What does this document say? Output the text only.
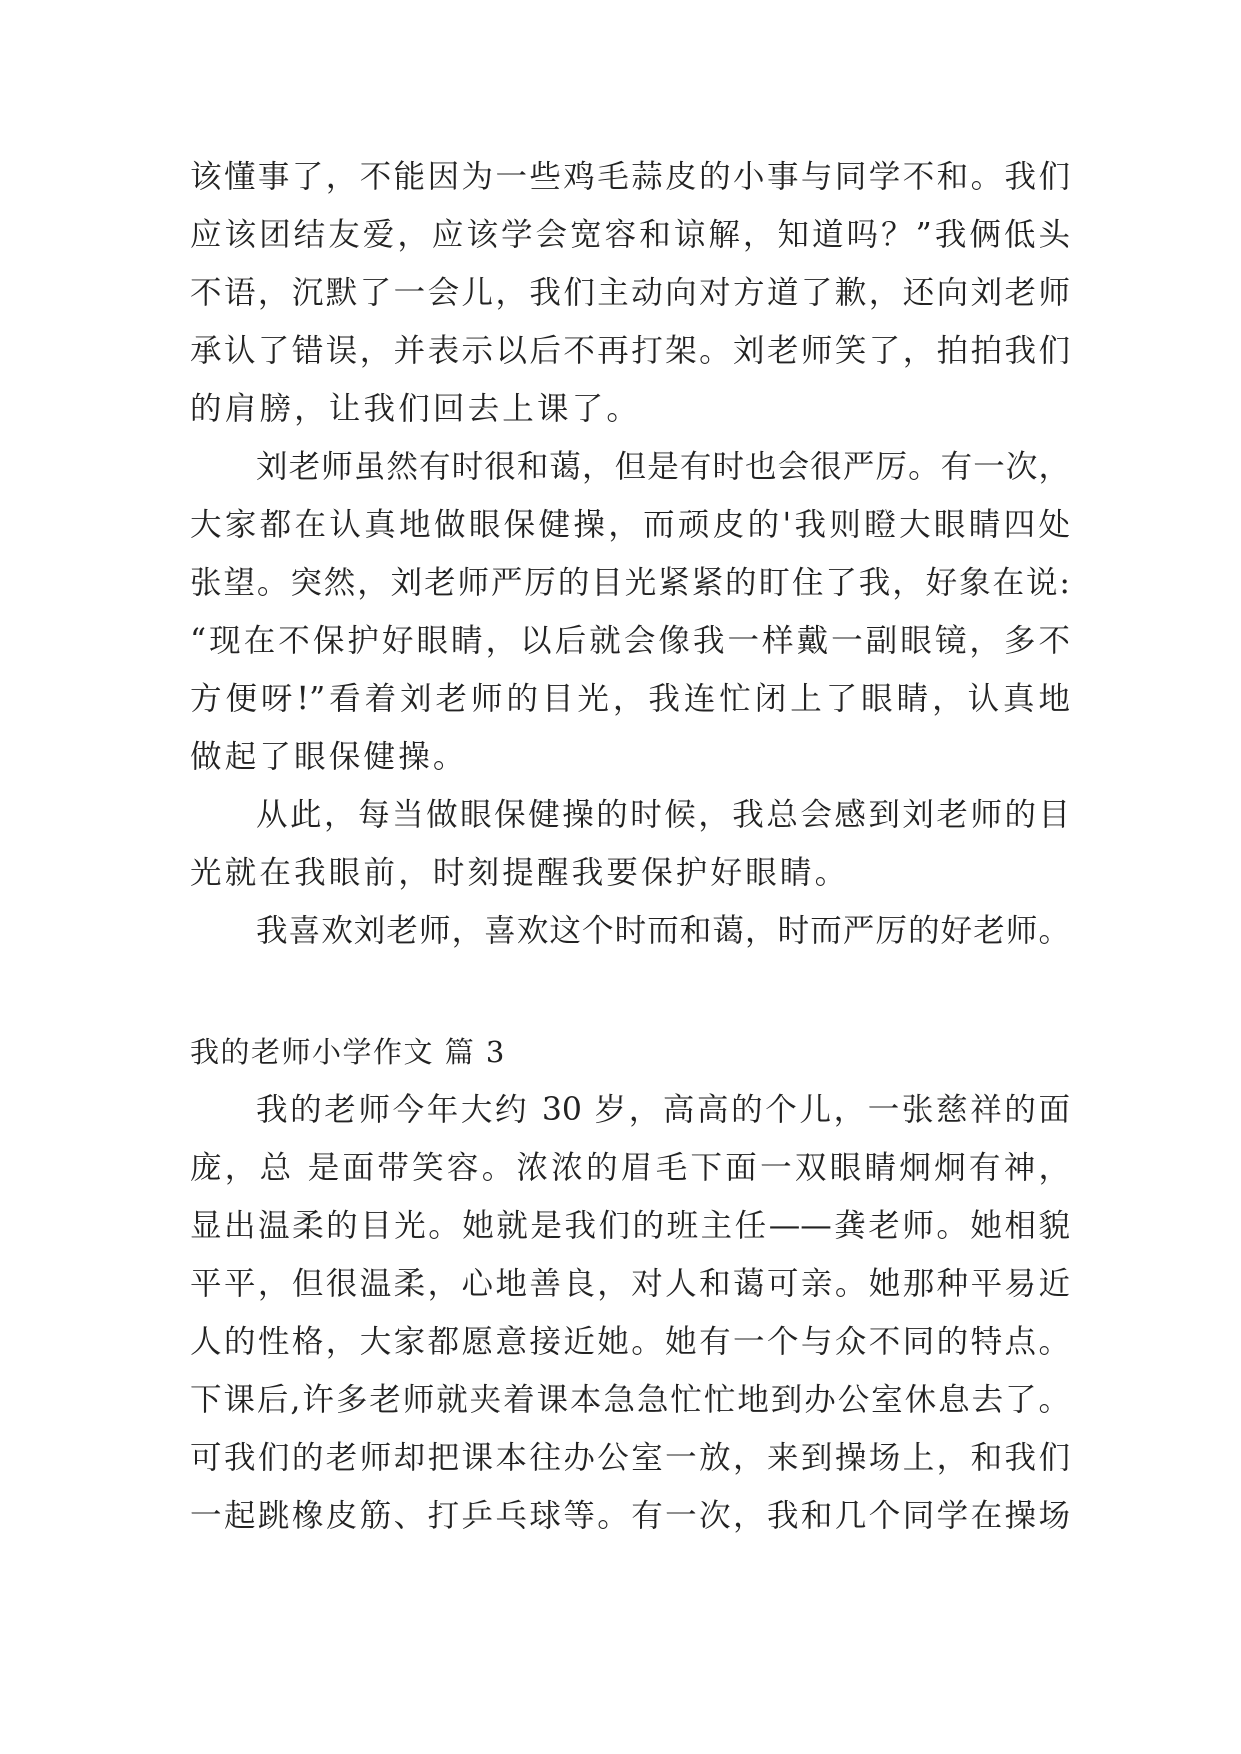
该懂事了，不能因为一些鸡毛蒜皮的小事与同学不和。我们
应该团结友爱，应该学会宽容和谅解，知道吗？”我俩低头
不语，沉默了一会儿，我们主动向对方道了歉，还向刘老师
承认了错误，并表示以后不再打架。刘老师笑了，拍拍我们
的肩膀，让我们回去上课了。
刘老师虽然有时很和蔼，但是有时也会很严厉。有一次，
大家都在认真地做眼保健操，而顽皮的'我则瞪大眼睛四处
张望。突然，刘老师严厉的目光紧紧的盯住了我，好象在说:
“现在不保护好眼睛，以后就会像我一样戴一副眼镜，多不
方便呀!”看着刘老师的目光，我连忙闭上了眼睛，认真地
做起了眼保健操。
从此，每当做眼保健操的时候，我总会感到刘老师的目
光就在我眼前，时刻提醒我要保护好眼睛。
我喜欢刘老师，喜欢这个时而和蔼，时而严厉的好老师。
我的老师小学作文 篇 3
我的老师今年大约 30 岁，高高的个儿，一张慈祥的面
庞，总 是面带笑容。浓浓的眉毛下面一双眼睛炯炯有神，
显出温柔的目光。她就是我们的班主任——龚老师。她相貌
平平，但很温柔，心地善良，对人和蔼可亲。她那种平易近
人的性格，大家都愿意接近她。她有一个与众不同的特点。
下课后,许多老师就夹着课本急急忙忙地到办公室休息去了。
可我们的老师却把课本往办公室一放，来到操场上，和我们
一起跳橡皮筋、打乒乓球等。有一次，我和几个同学在操场
